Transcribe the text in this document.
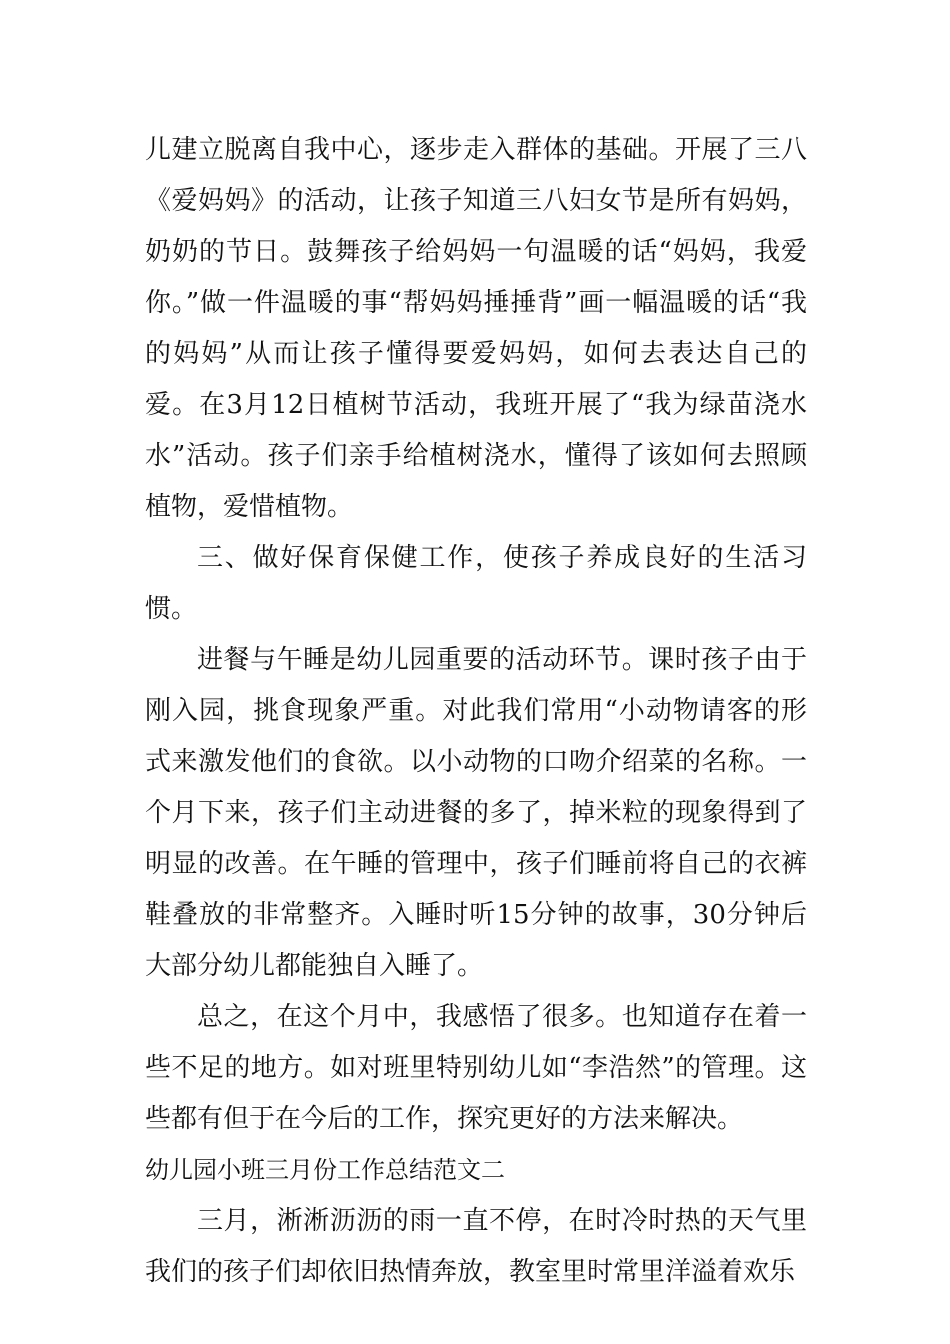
儿建立脱离自我中心，逐步走入群体的基础。开展了三八《爱妈妈》的活动，让孩子知道三八妇女节是所有妈妈，奶奶的节日。鼓舞孩子给妈妈一句温暖的话“妈妈，我爱你。”做一件温暖的事“帮妈妈捶捶背”画一幅温暖的话“我的妈妈”从而让孩子懂得要爱妈妈，如何去表达自己的爱。在3月12日植树节活动，我班开展了“我为绿苗浇水水”活动。孩子们亲手给植树浇水，懂得了该如何去照顾植物，爱惜植物。

三、做好保育保健工作，使孩子养成良好的生活习惯。

进餐与午睡是幼儿园重要的活动环节。课时孩子由于刚入园，挑食现象严重。对此我们常用“小动物请客的形式来激发他们的食欲。以小动物的口吻介绍菜的名称。一个月下来，孩子们主动进餐的多了，掉米粒的现象得到了明显的改善。在午睡的管理中，孩子们睡前将自己的衣裤鞋叠放的非常整齐。入睡时听15分钟的故事，30分钟后大部分幼儿都能独自入睡了。

总之，在这个月中，我感悟了很多。也知道存在着一些不足的地方。如对班里特别幼儿如“李浩然”的管理。这些都有但于在今后的工作，探究更好的方法来解决。

幼儿园小班三月份工作总结范文二

三月，淅淅沥沥的雨一直不停，在时冷时热的天气里我们的孩子们却依旧热情奔放，教室里时常里洋溢着欢乐
